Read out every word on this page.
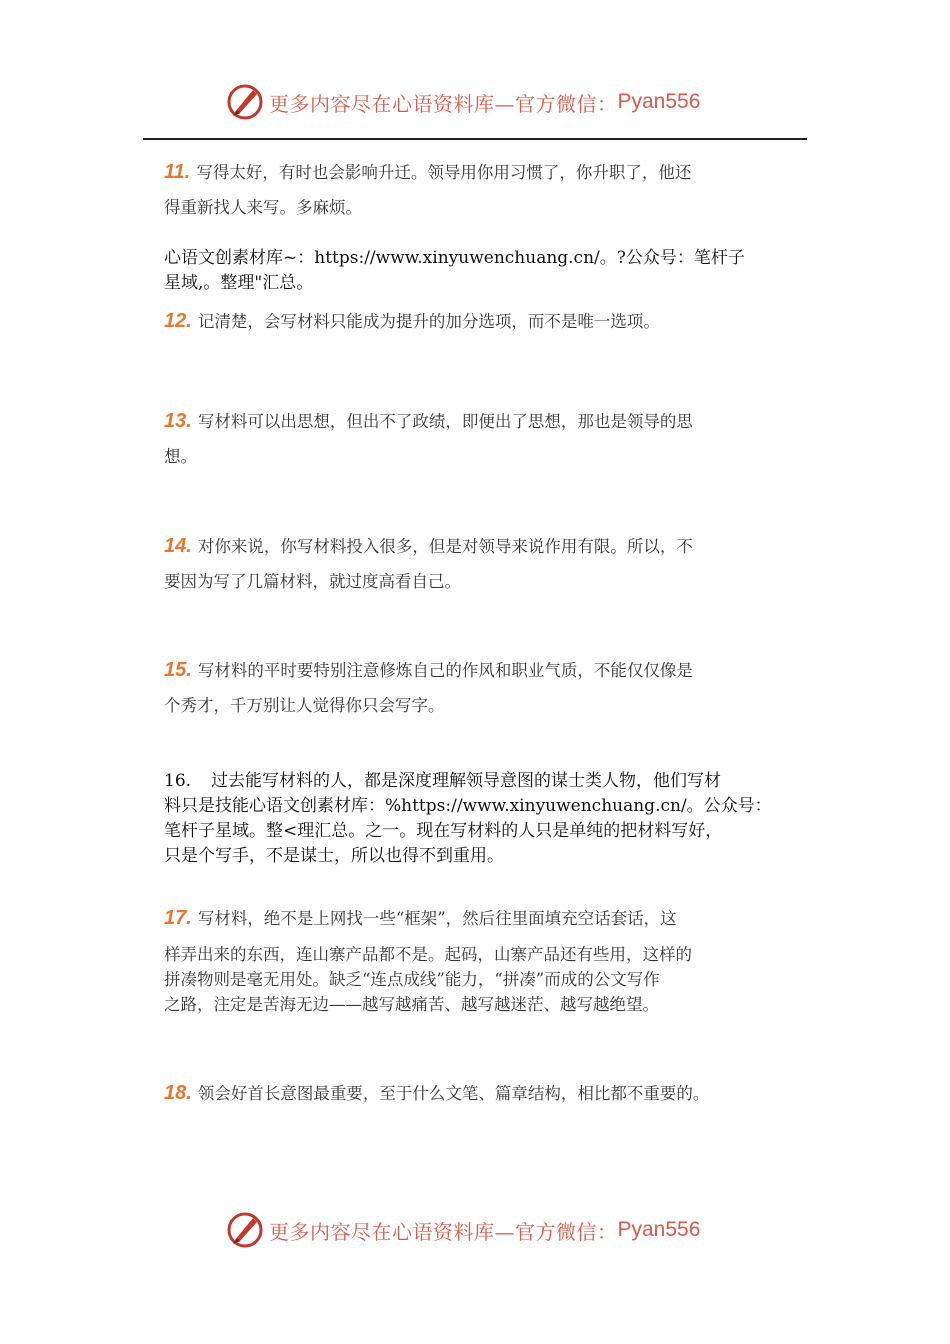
更多内容尽在心语资料库—官方微信： Pyan556
11. 写得太好，有时也会影响升迁。领导用你用习惯了，你升职了，他还
得重新找人来写。多麻烦。
心语文创素材库~：https://www.xinyuwenchuang.cn/。?公众号：笔杆子
星域,。整理"汇总。
12. 记清楚，会写材料只能成为提升的加分选项，而不是唯一选项。
13. 写材料可以出思想，但出不了政绩，即便出了思想，那也是领导的思
想。
14. 对你来说，你写材料投入很多，但是对领导来说作用有限。所以，不
要因为写了几篇材料，就过度高看自己。
15. 写材料的平时要特别注意修炼自己的作风和职业气质，不能仅仅像是
个秀才，千万别让人觉得你只会写字。
16. 过去能写材料的人，都是深度理解领导意图的谋士类人物，他们写材
料只是技能心语文创素材库：%https://www.xinyuwenchuang.cn/。公众号：
笔杆子星域。整<理汇总。之一。现在写材料的人只是单纯的把材料写好，
只是个写手，不是谋士，所以也得不到重用。
17. 写材料，绝不是上网找一些“框架”，然后往里面填充空话套话，这
样弄出来的东西，连山寨产品都不是。起码，山寨产品还有些用，这样的
拼凑物则是毫无用处。缺乏“连点成线”能力，“拼凑”而成的公文写作
之路，注定是苦海无边——越写越痛苦、越写越迷茫、越写越绝望。
18. 领会好首长意图最重要，至于什么文笔、篇章结构，相比都不重要的。
更多内容尽在心语资料库—官方微信： Pyan556
